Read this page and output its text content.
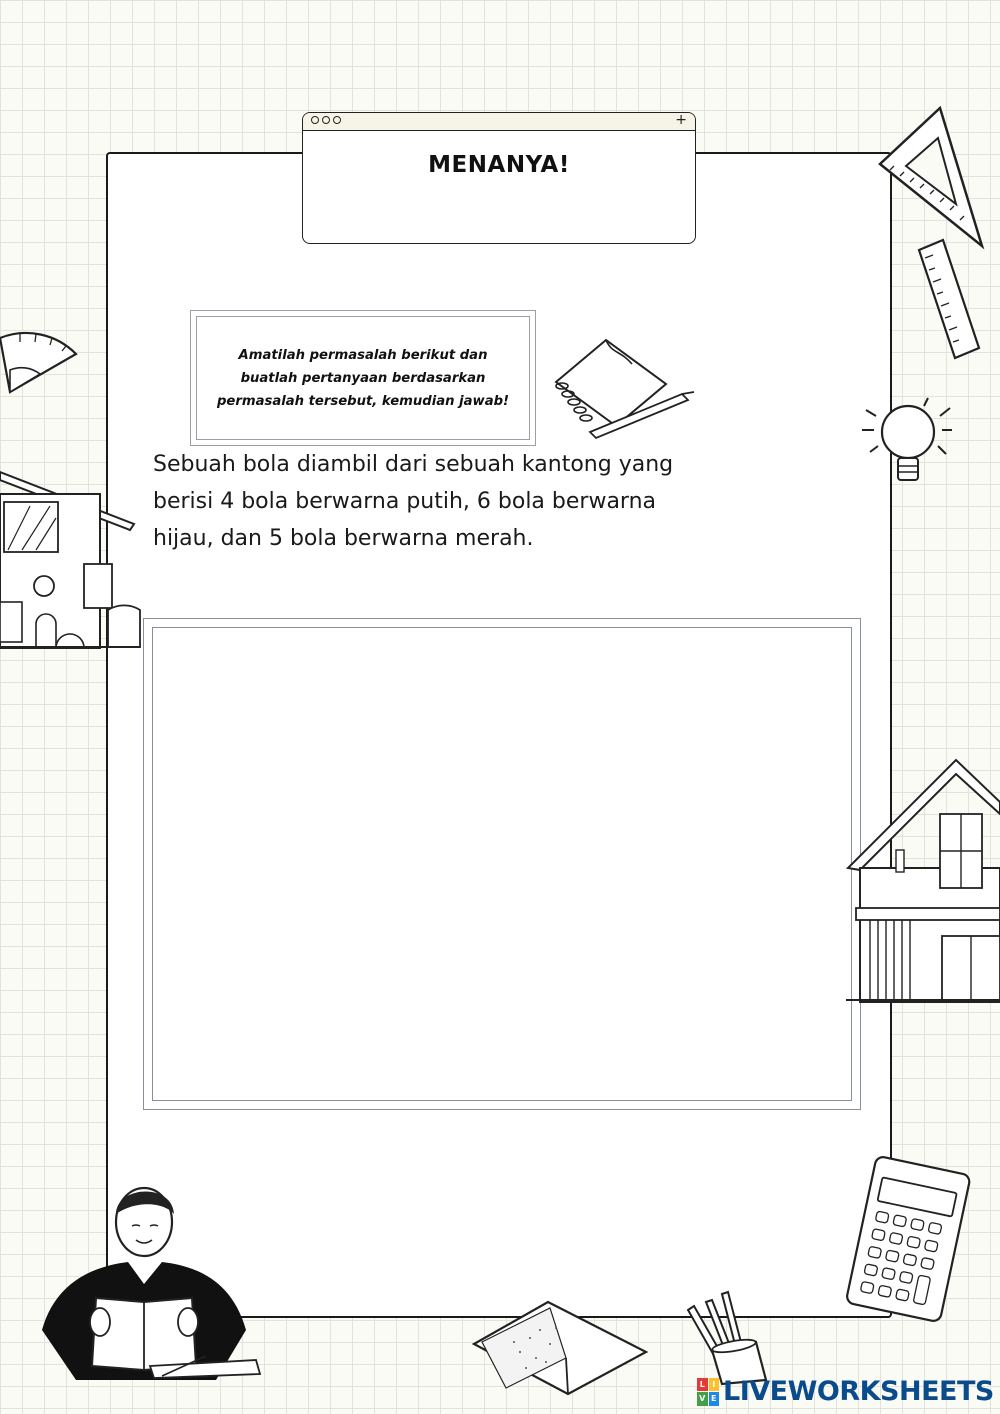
+
MENANYA!
Amatilah permasalah berikut dan buatlah pertanyaan berdasarkan permasalah tersebut, kemudian jawab!
Sebuah bola diambil dari sebuah kantong yang
berisi 4 bola berwarna putih, 6 bola berwarna
hijau, dan 5 bola berwarna merah.
L I
V E LIVEWORKSHEETS
